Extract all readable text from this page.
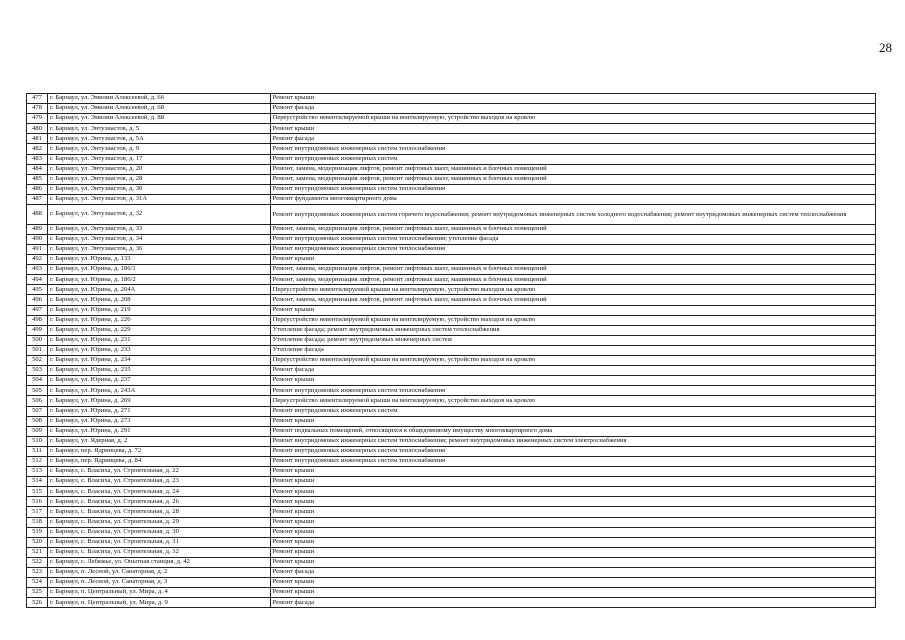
28
477	г. Барнаул, ул. Эмилии Алексеевой, д. 66	Ремонт крыши
478	г. Барнаул, ул. Эмилии Алексеевой, д. 68	Ремонт фасада
479	г. Барнаул, ул. Эмилии Алексеевой, д. 88	Переустройство невентилируемой крыши на вентилируемую, устройство выходов на кровлю
480	г. Барнаул, ул. Энтузиастов, д. 5	Ремонт крыши
481	г. Барнаул, ул. Энтузиастов, д. 5А	Ремонт фасада
482	г. Барнаул, ул. Энтузиастов, д. 9	Ремонт внутридомовых инженерных систем теплоснабжения
483	г. Барнаул, ул. Энтузиастов, д. 17	Ремонт внутридомовых инженерных систем
484	г. Барнаул, ул. Энтузиастов, д. 20	Ремонт, замена, модернизация лифтов, ремонт лифтовых шахт, машинных и блочных помещений
485	г. Барнаул, ул. Энтузиастов, д. 28	Ремонт, замена, модернизация лифтов, ремонт лифтовых шахт, машинных и блочных помещений
486	г. Барнаул, ул. Энтузиастов, д. 30	Ремонт внутридомовых инженерных систем теплоснабжения
487	г. Барнаул, ул. Энтузиастов, д. 31А	Ремонт фундамента многоквартирного дома
488	г. Барнаул, ул. Энтузиастов, д. 32	Ремонт внутридомовых инженерных систем горячего водоснабжения; ремонт внутридомовых инженерных систем холодного водоснабжения; ремонт внутридомовых инженерных систем теплоснабжения
489	г. Барнаул, ул. Энтузиастов, д. 33	Ремонт, замена, модернизация лифтов, ремонт лифтовых шахт, машинных и блочных помещений
490	г. Барнаул, ул. Энтузиастов, д. 34	Ремонт внутридомовых инженерных систем теплоснабжения; утепление фасада
491	г. Барнаул, ул. Энтузиастов, д. 36	Ремонт внутридомовых инженерных систем теплоснабжения
492	г. Барнаул, ул. Юрина, д. 133	Ремонт крыши
493	г. Барнаул, ул. Юрина, д. 186/1	Ремонт, замена, модернизация лифтов, ремонт лифтовых шахт, машинных и блочных помещений
494	г. Барнаул, ул. Юрина, д. 186/2	Ремонт, замена, модернизация лифтов, ремонт лифтовых шахт, машинных и блочных помещений
495	г. Барнаул, ул. Юрина, д. 204А	Переустройство невентилируемой крыши на вентилируемую, устройство выходов на кровлю
496	г. Барнаул, ул. Юрина, д. 208	Ремонт, замена, модернизация лифтов, ремонт лифтовых шахт, машинных и блочных помещений
497	г. Барнаул, ул. Юрина, д. 219	Ремонт крыши
498	г. Барнаул, ул. Юрина, д. 226	Переустройство невентилируемой крыши на вентилируемую, устройство выходов на кровлю
499	г. Барнаул, ул. Юрина, д. 229	Утепление фасада; ремонт внутридомовых инженерных систем теплоснабжения
500	г. Барнаул, ул. Юрина, д. 231	Утепление фасада; ремонт внутридомовых инженерных систем
501	г. Барнаул, ул. Юрина, д. 233	Утепление фасада
502	г. Барнаул, ул. Юрина, д. 234	Переустройство невентилируемой крыши на вентилируемую, устройство выходов на кровлю
503	г. Барнаул, ул. Юрина, д. 235	Ремонт фасада
504	г. Барнаул, ул. Юрина, д. 237	Ремонт крыши
505	г. Барнаул, ул. Юрина, д. 243А	Ремонт внутридомовых инженерных систем теплоснабжения
506	г. Барнаул, ул. Юрина, д. 269	Переустройство невентилируемой крыши на вентилируемую, устройство выходов на кровлю
507	г. Барнаул, ул. Юрина, д. 271	Ремонт внутридомовых инженерных систем
508	г. Барнаул, ул. Юрина, д. 273	Ремонт крыши
509	г. Барнаул, ул. Юрина, д. 291	Ремонт подвальных помещений, относящихся к общедомовому имуществу многоквартирного дома
510	г. Барнаул, ул. Ядерная, д. 2	Ремонт внутридомовых инженерных систем теплоснабжения; ремонт внутридомовых инженерных систем электроснабжения
511	г. Барнаул, пер. Ядринцева, д. 72	Ремонт внутридомовых инженерных систем теплоснабжения
512	г. Барнаул, пер. Ядринцева, д. 84	Ремонт внутридомовых инженерных систем теплоснабжения
513	г. Барнаул, с. Власиха, ул. Строительная, д. 22	Ремонт крыши
514	г. Барнаул, с. Власиха, ул. Строительная, д. 23	Ремонт крыши
515	г. Барнаул, с. Власиха, ул. Строительная, д. 24	Ремонт крыши
516	г. Барнаул, с. Власиха, ул. Строительная, д. 26	Ремонт крыши
517	г. Барнаул, с. Власиха, ул. Строительная, д. 28	Ремонт крыши
518	г. Барнаул, с. Власиха, ул. Строительная, д. 29	Ремонт крыши
519	г. Барнаул, с. Власиха, ул. Строительная, д. 30	Ремонт крыши
520	г. Барнаул, с. Власиха, ул. Строительная, д. 31	Ремонт крыши
521	г. Барнаул, с. Власиха, ул. Строительная, д. 32	Ремонт крыши
522	г. Барнаул, с. Лебяжье, ул. Опытная станция, д. 42	Ремонт крыши
523	г. Барнаул, п. Лесной, ул. Санаторная, д. 2	Ремонт фасада
524	г. Барнаул, п. Лесной, ул. Санаторная, д. 3	Ремонт крыши
525	г. Барнаул, п. Центральный, ул. Мира, д. 4	Ремонт крыши
526	г. Барнаул, п. Центральный, ул. Мира, д. 9	Ремонт фасада
